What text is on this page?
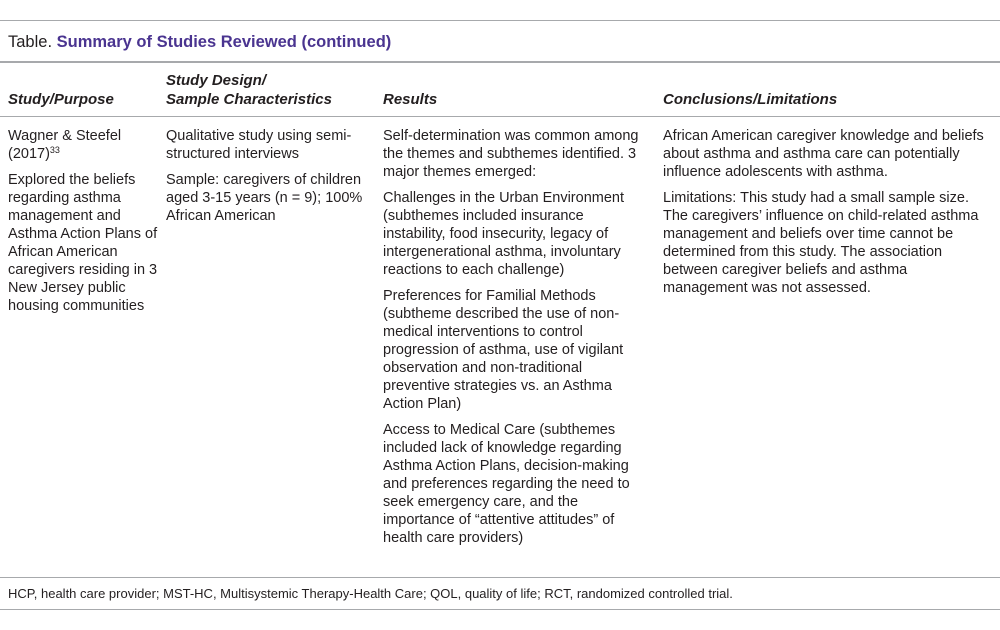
Table. Summary of Studies Reviewed (continued)
Study/Purpose
Study Design/
Sample Characteristics	Results	Conclusions/Limitations

Wagner & Steefel $(2017)^{33}$

Explored the beliefs regarding asthma management and Asthma Action Plans of African American caregivers residing in 3 New Jersey public housing communities

Qualitative study using semi-structured interviews

Sample: caregivers of children aged 3-15 years (n = 9); 100% African American

Self-determination was common among the themes and subthemes identified. 3 major themes emerged:

Challenges in the Urban Environment (subthemes included insurance instability, food insecurity, legacy of intergenerational asthma, involuntary reactions to each challenge)

Preferences for Familial Methods (subtheme described the use of non-medical interventions to control progression of asthma, use of vigilant observation and non-traditional preventive strategies vs. an Asthma Action Plan)

Access to Medical Care (subthemes included lack of knowledge regarding Asthma Action Plans, decision-making and preferences regarding the need to seek emergency care, and the importance of “attentive attitudes” of health care providers)

African American caregiver knowledge and beliefs about asthma and asthma care can potentially influence adolescents with asthma.

Limitations: This study had a small sample size. The caregivers’ influence on child-related asthma management and beliefs over time cannot be determined from this study. The association between caregiver beliefs and asthma management was not assessed.

HCP, health care provider; MST-HC, Multisystemic Therapy-Health Care; QOL, quality of life; RCT, randomized controlled trial.
